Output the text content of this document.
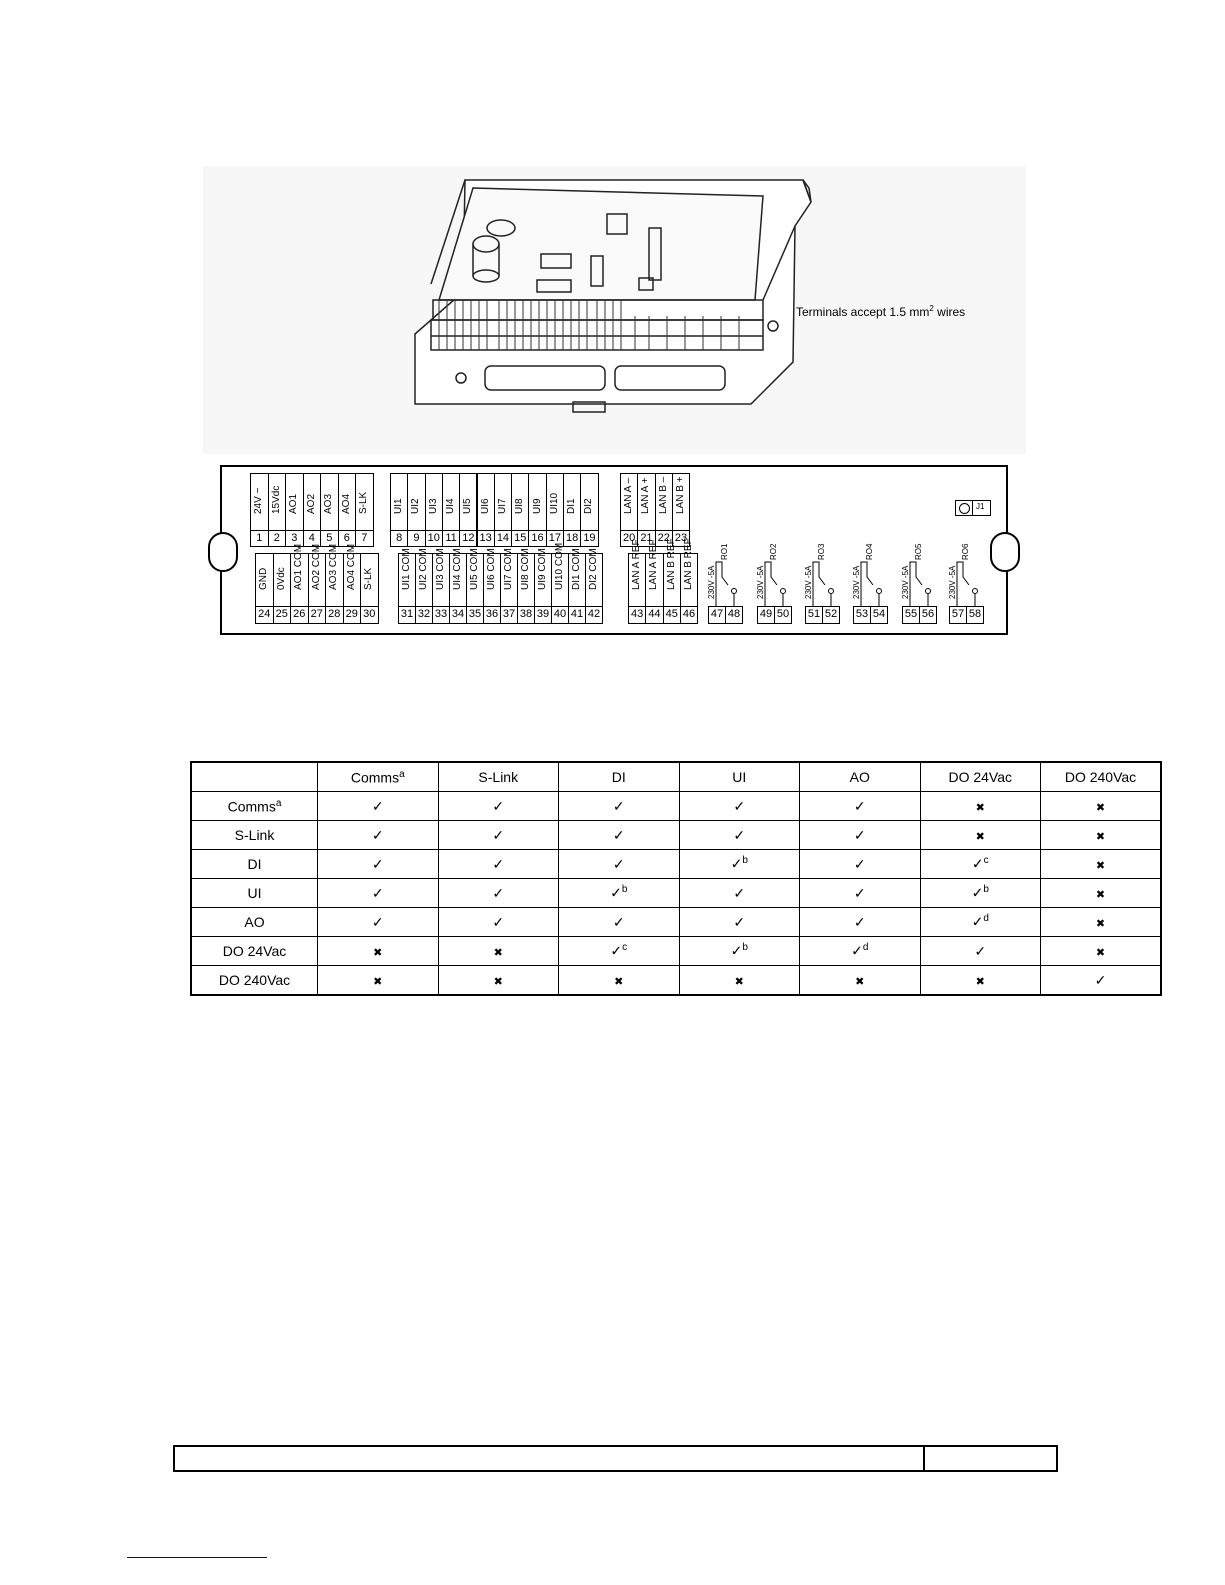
Terminals accept 1.5 $mm^2$ wires
J1
24V ~
1
15Vdc
2
AO1
3
AO2
4
AO3
5
AO4
6
S-LK
7
UI1
8
UI2
9
UI3
10
UI4
11
UI5
12
UI6
13
UI7
14
UI8
15
UI9
16
UI10
17
DI1
18
DI2
19
LAN A –
20
LAN A +
21
LAN B –
22
LAN B +
23
GND
24
0Vdc
25
AO1 COM
26
AO2 COM
27
AO3 COM
28
AO4 COM
29
S-LK
30
UI1 COM
31
UI2 COM
32
UI3 COM
33
UI4 COM
34
UI5 COM
35
UI6 COM
36
UI7 COM
37
UI8 COM
38
UI9 COM
39
UI10 COM
40
DI1 COM
41
DI2 COM
42
LAN A REF
43
LAN A REF
44
LAN B REF
45
LAN B REF
46 47 48
230V -5A
RO1
49 50
230V -5A
RO2
51 52
230V -5A
RO3
53 54
230V -5A
RO4
55 56
230V -5A
RO5
57 58
230V -5A
RO6
	Comms$^a$	S-Link	DI	UI	AO	DO 24Vac	DO 240Vac
Comms$^a$	✓	✓	✓	✓	✓	✖	✖
S-Link	✓	✓	✓	✓	✓	✖	✖
DI	✓	✓	✓	✓$^b$	✓	✓$^c$	✖
UI	✓	✓	✓$^b$	✓	✓	✓$^b$	✖
AO	✓	✓	✓	✓	✓	✓$^d$	✖
DO 24Vac	✖	✖	✓$^c$	✓$^b$	✓$^d$	✓	✖
DO 240Vac	✖	✖	✖	✖	✖	✖	✓
